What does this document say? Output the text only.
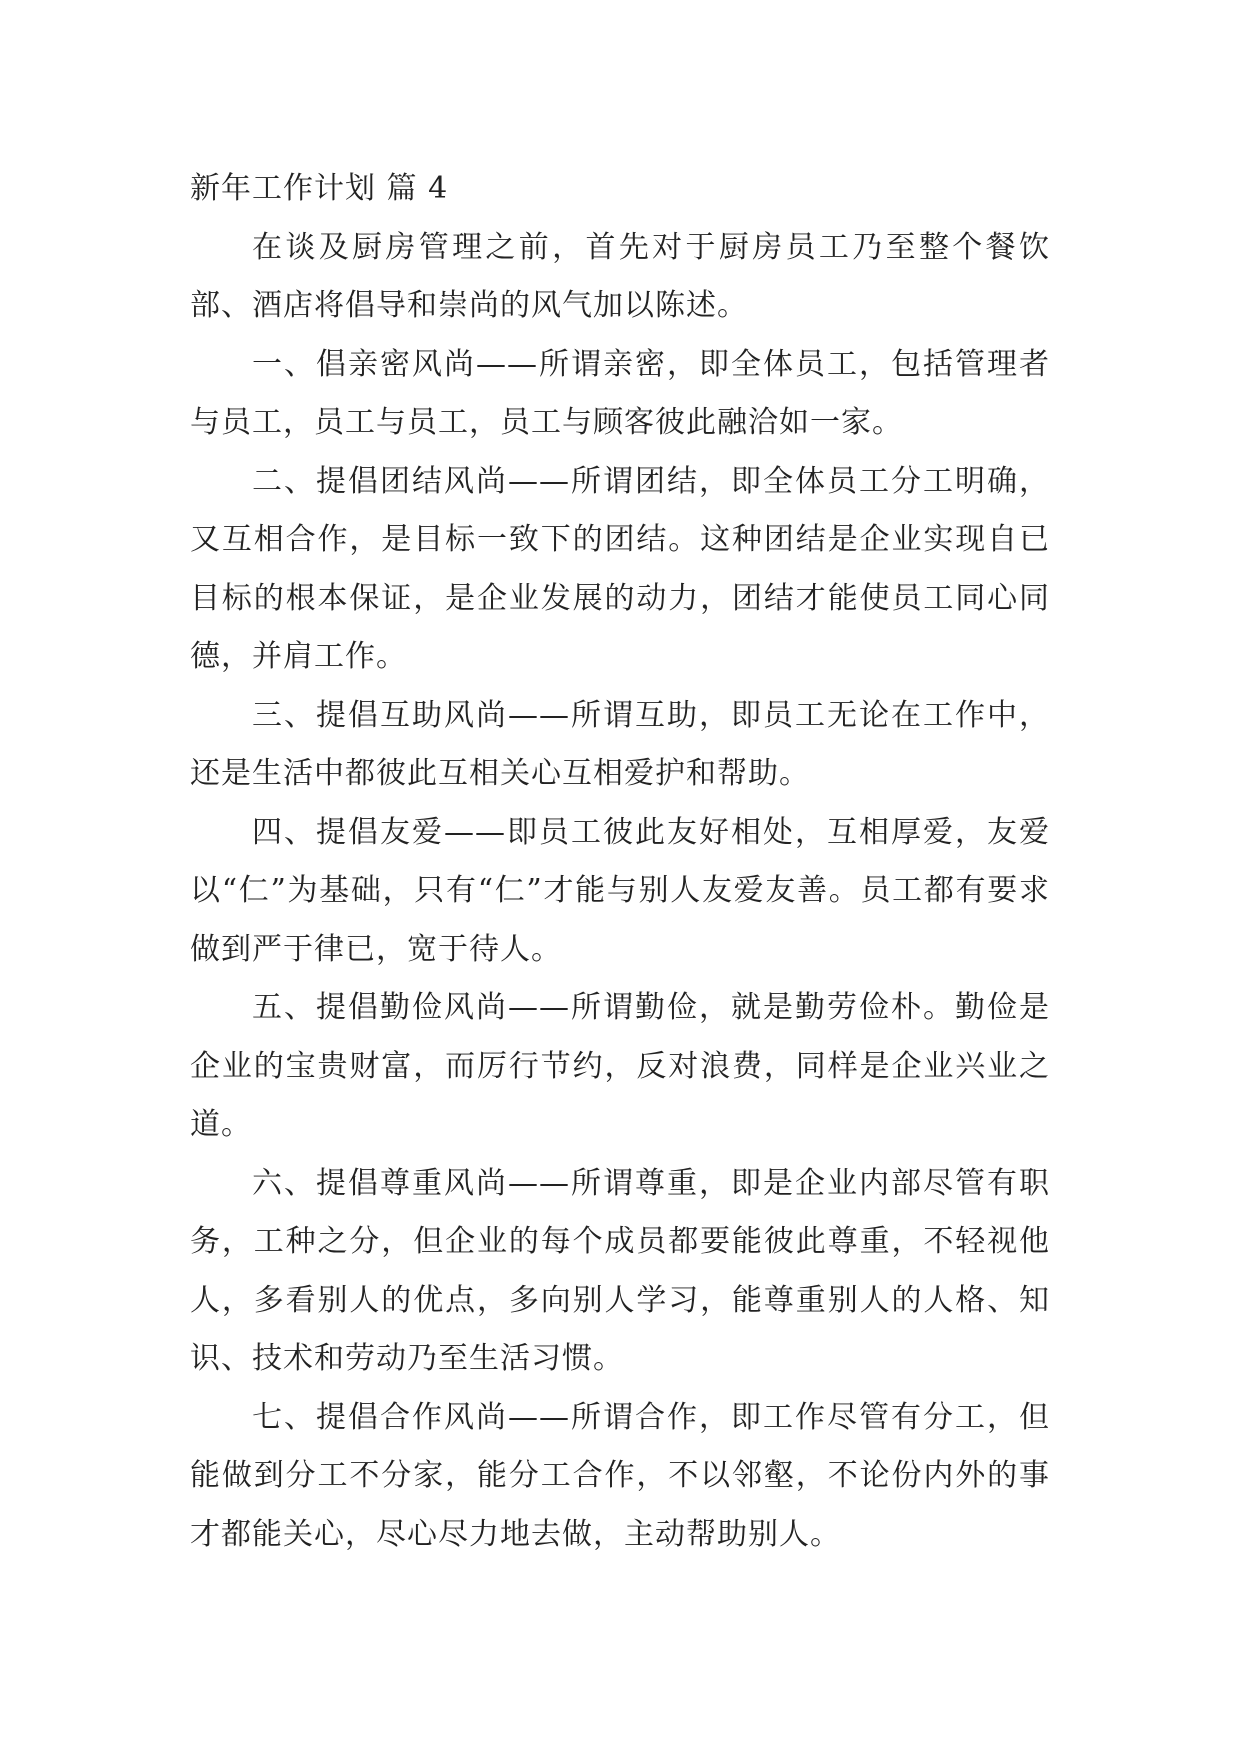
新年工作计划 篇 4

在谈及厨房管理之前，首先对于厨房员工乃至整个餐饮部、酒店将倡导和崇尚的风气加以陈述。

一、倡亲密风尚——所谓亲密，即全体员工，包括管理者与员工，员工与员工，员工与顾客彼此融洽如一家。

二、提倡团结风尚——所谓团结，即全体员工分工明确，又互相合作，是目标一致下的团结。这种团结是企业实现自已目标的根本保证，是企业发展的动力，团结才能使员工同心同德，并肩工作。

三、提倡互助风尚——所谓互助，即员工无论在工作中，还是生活中都彼此互相关心互相爱护和帮助。

四、提倡友爱——即员工彼此友好相处，互相厚爱，友爱以“仁”为基础，只有“仁”才能与别人友爱友善。员工都有要求做到严于律已，宽于待人。

五、提倡勤俭风尚——所谓勤俭，就是勤劳俭朴。勤俭是企业的宝贵财富，而厉行节约，反对浪费，同样是企业兴业之道。

六、提倡尊重风尚——所谓尊重，即是企业内部尽管有职务，工种之分，但企业的每个成员都要能彼此尊重，不轻视他人，多看别人的优点，多向别人学习，能尊重别人的人格、知识、技术和劳动乃至生活习惯。

七、提倡合作风尚——所谓合作，即工作尽管有分工，但能做到分工不分家，能分工合作，不以邻壑，不论份内外的事才都能关心，尽心尽力地去做，主动帮助别人。
